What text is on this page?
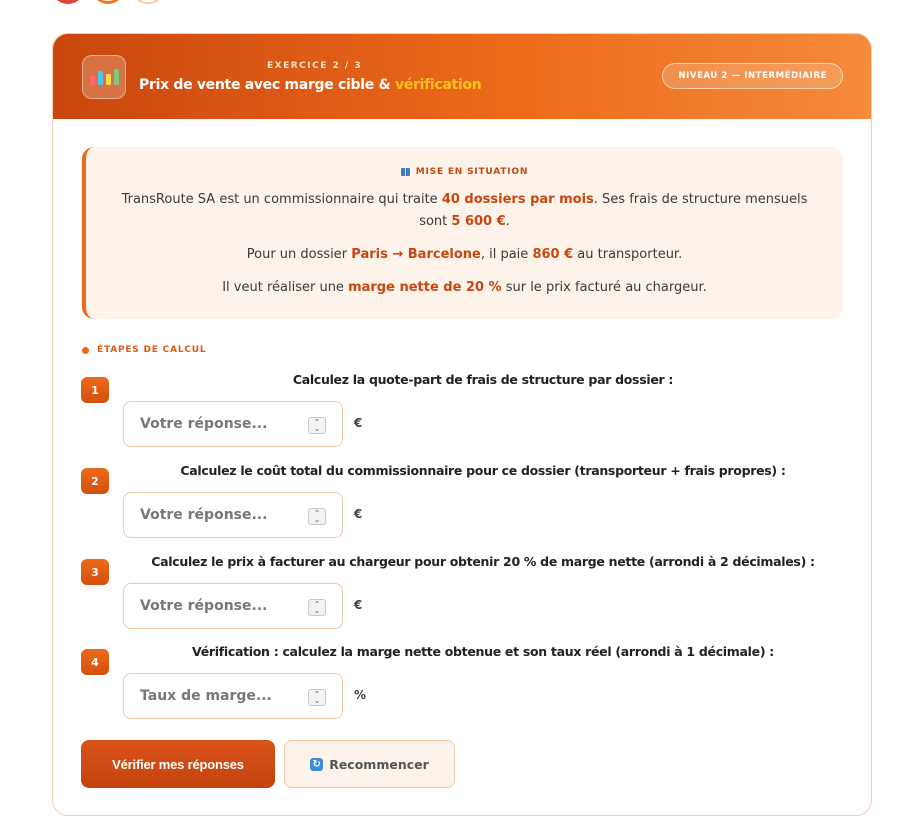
EXERCICE 2 / 3
Prix de vente avec marge cible & vérification
NIVEAU 2 — INTERMÉDIAIRE
MISE EN SITUATION

TransRoute SA est un commissionnaire qui traite 40 dossiers par mois. Ses frais de structure mensuels sont 5 600 €.

Pour un dossier Paris → Barcelone, il paie 860 € au transporteur.

Il veut réaliser une marge nette de 20 % sur le prix facturé au chargeur.

ÉTAPES DE CALCUL
1
Calculez la quote-part de frais de structure par dossier :
Votre réponse...	⌃
⌄	€
2
Calculez le coût total du commissionnaire pour ce dossier (transporteur + frais propres) :
Votre réponse...	⌃
⌄	€
3
Calculez le prix à facturer au chargeur pour obtenir 20 % de marge nette (arrondi à 2 décimales) :
Votre réponse...	⌃
⌄	€
4
Vérification : calculez la marge nette obtenue et son taux réel (arrondi à 1 décimale) :
Taux de marge...	⌃
⌄	%
Vérifier mes réponses	↻ Recommencer
